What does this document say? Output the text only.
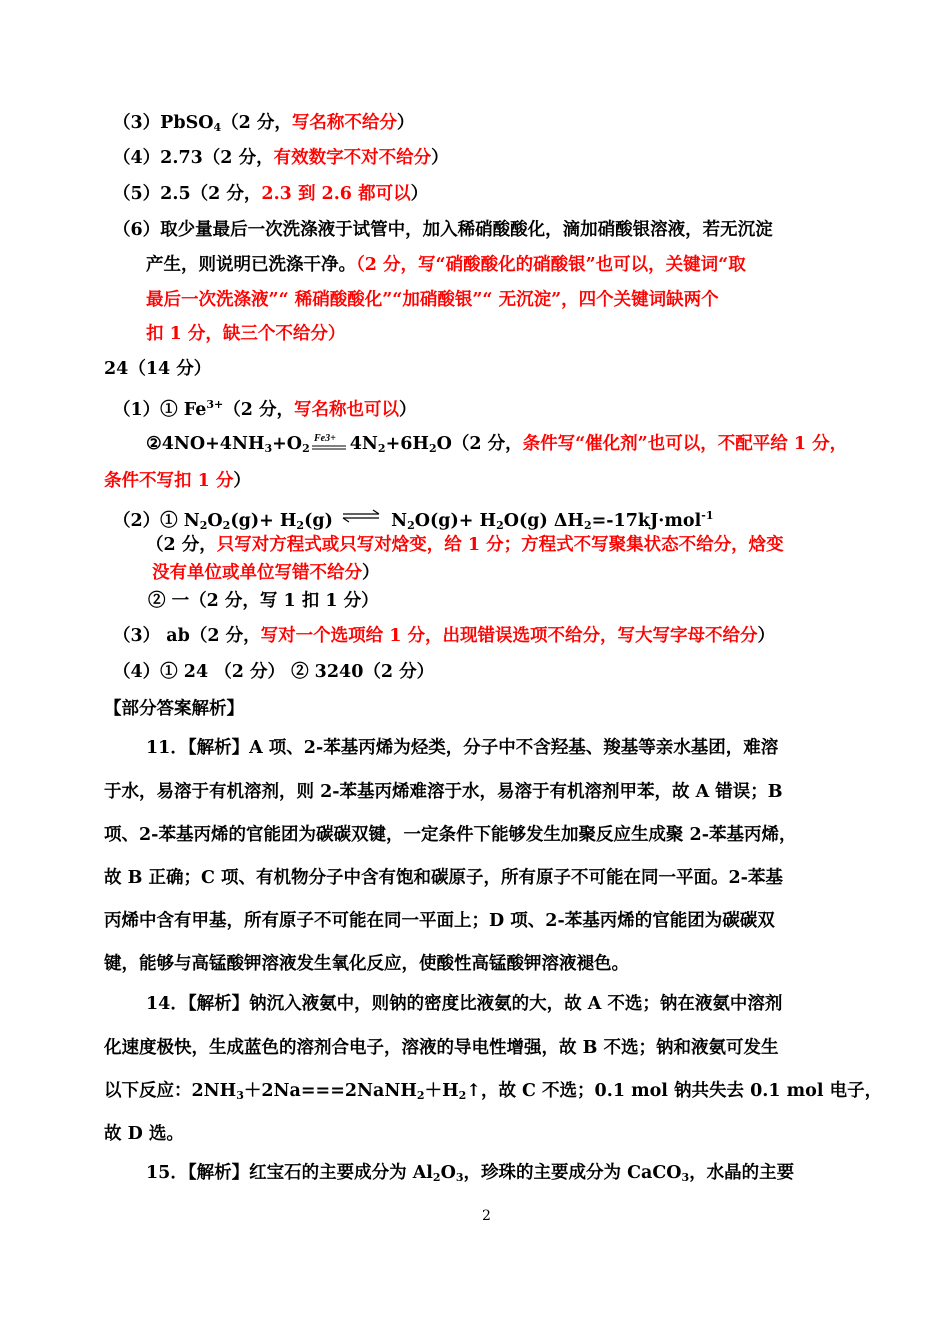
（3）PbSO$_4$（2 分，写名称不给分）
（4）2.73（2 分，有效数字不对不给分）
（5）2.5（2 分，2.3 到 2.6 都可以）
（6）取少量最后一次洗涤液于试管中，加入稀硝酸酸化，滴加硝酸银溶液，若无沉淀
产生，则说明已洗涤干净。（2 分，写“硝酸酸化的硝酸银”也可以，关键词“取
最后一次洗涤液”“ 稀硝酸酸化”“加硝酸银”“ 无沉淀”，四个关键词缺两个
扣 1 分，缺三个不给分）
24（14 分）
（1）① $Fe^{3+}(2$ 分，写名称也可以）
$②4NO+4NH_3+O_2$
$Fe3+ 4N_2+6H_2O(2$ 分，条件写“催化剂”也可以，不配平给 1 分，
条件不写扣 1 分）
（2）① $N_2O_2(g)+ H_2(g)$ ⇌ $N_2O(g)+ H_2O(g)$ $\Delta H_2=-17kJ\cdot mol^{-1}$
（2 分，只写对方程式或只写对焓变，给 1 分；方程式不写聚集状态不给分，焓变
没有单位或单位写错不给分）
② 一（2 分，写 1 扣 1 分）
（3） ab（2 分，写对一个选项给 1 分，出现错误选项不给分，写大写字母不给分）
（4）① 24 （2 分） ② 3240（2 分）
【部分答案解析】
11．【解析】A 项、2-苯基丙烯为烃类，分子中不含羟基、羧基等亲水基团，难溶
于水，易溶于有机溶剂，则 2-苯基丙烯难溶于水，易溶于有机溶剂甲苯，故 A 错误；B
项、2-苯基丙烯的官能团为碳碳双键，一定条件下能够发生加聚反应生成聚 2-苯基丙烯，
故 B 正确；C 项、有机物分子中含有饱和碳原子，所有原子不可能在同一平面。2-苯基
丙烯中含有甲基，所有原子不可能在同一平面上；D 项、2-苯基丙烯的官能团为碳碳双
键，能够与高锰酸钾溶液发生氧化反应，使酸性高锰酸钾溶液褪色。
14．【解析】钠沉入液氨中，则钠的密度比液氨的大，故 A 不选；钠在液氨中溶剂
化速度极快，生成蓝色的溶剂合电子，溶液的导电性增强，故 B 不选；钠和液氨可发生
以下反应：$2NH_3+2Na===2NaNH_2+H_2↑$，故 C 不选；0.1 mol 钠共失去 0.1 mol 电子，
故 D 选。
15．【解析】红宝石的主要成分为 $Al_2O_3$，珍珠的主要成分为 CaCO$_3$，水晶的主要
2
